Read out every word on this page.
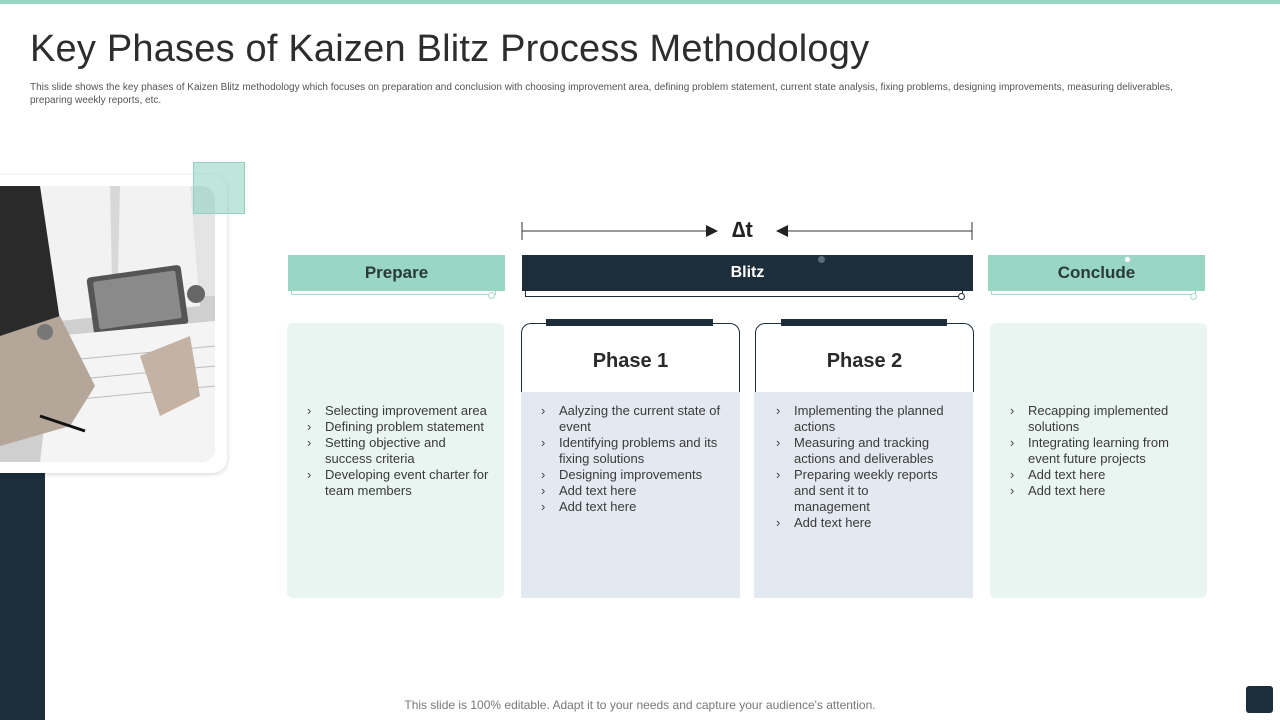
Key Phases of Kaizen Blitz Process Methodology

This slide shows the key phases of Kaizen Blitz methodology which focuses on preparation and conclusion with choosing improvement area, defining problem statement, current state analysis, fixing problems, designing improvements, measuring deliverables, preparing weekly reports, etc.

∆t
Prepare	Blitz	Conclude
Phase 1	Phase 2
› Selecting improvement area
› Defining problem statement
› Setting objective and success criteria
› Developing event charter for team members
› Aalyzing the current state of event
› Identifying problems and its fixing solutions
› Designing improvements
› Add text here
› Add text here
› Implementing the planned actions
› Measuring and tracking actions and deliverables
› Preparing weekly reports and sent it to management
› Add text here
› Recapping implemented solutions
› Integrating learning from event future projects
› Add text here
› Add text here
This slide is 100% editable. Adapt it to your needs and capture your audience's attention.
